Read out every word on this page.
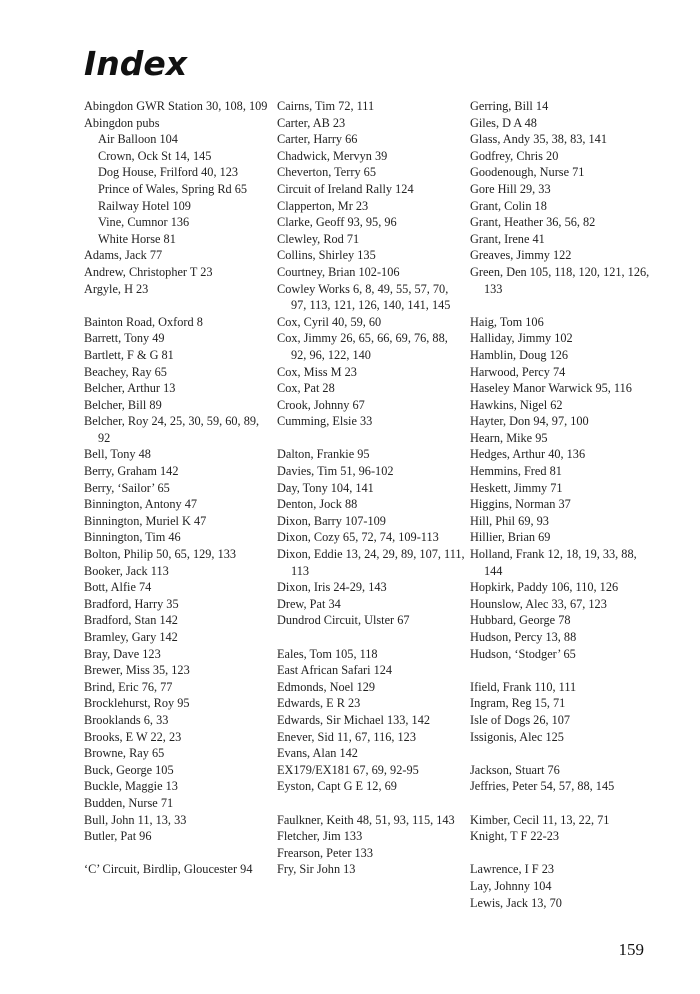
Index
Abingdon GWR Station 30, 108, 109
Abingdon pubs
Air Balloon 104
Crown, Ock St 14, 145
Dog House, Frilford 40, 123
Prince of Wales, Spring Rd 65
Railway Hotel 109
Vine, Cumnor 136
White Horse 81
Adams, Jack 77
Andrew, Christopher T 23
Argyle, H 23
Bainton Road, Oxford 8
Barrett, Tony 49
Bartlett, F & G 81
Beachey, Ray 65
Belcher, Arthur 13
Belcher, Bill 89
Belcher, Roy 24, 25, 30, 59, 60, 89, 92
Bell, Tony 48
Berry, Graham 142
Berry, ‘Sailor’ 65
Binnington, Antony 47
Binnington, Muriel K 47
Binnington, Tim 46
Bolton, Philip 50, 65, 129, 133
Booker, Jack 113
Bott, Alfie 74
Bradford, Harry 35
Bradford, Stan 142
Bramley, Gary 142
Bray, Dave 123
Brewer, Miss 35, 123
Brind, Eric 76, 77
Brocklehurst, Roy 95
Brooklands 6, 33
Brooks, E W 22, 23
Browne, Ray 65
Buck, George 105
Buckle, Maggie 13
Budden, Nurse 71
Bull, John 11, 13, 33
Butler, Pat 96
‘C’ Circuit, Birdlip, Gloucester 94
Cairns, Tim 72, 111
Carter, AB 23
Carter, Harry 66
Chadwick, Mervyn 39
Cheverton, Terry 65
Circuit of Ireland Rally 124
Clapperton, Mr 23
Clarke, Geoff 93, 95, 96
Clewley, Rod 71
Collins, Shirley 135
Courtney, Brian 102-106
Cowley Works 6, 8, 49, 55, 57, 70, 97, 113, 121, 126, 140, 141, 145
Cox, Cyril 40, 59, 60
Cox, Jimmy 26, 65, 66, 69, 76, 88, 92, 96, 122, 140
Cox, Miss M 23
Cox, Pat 28
Crook, Johnny 67
Cumming, Elsie 33
Dalton, Frankie 95
Davies, Tim 51, 96-102
Day, Tony 104, 141
Denton, Jock 88
Dixon, Barry 107-109
Dixon, Cozy 65, 72, 74, 109-113
Dixon, Eddie 13, 24, 29, 89, 107, 111, 113
Dixon, Iris 24-29, 143
Drew, Pat 34
Dundrod Circuit, Ulster 67
Eales, Tom 105, 118
East African Safari 124
Edmonds, Noel 129
Edwards, E R 23
Edwards, Sir Michael 133, 142
Enever, Sid 11, 67, 116, 123
Evans, Alan 142
EX179/EX181 67, 69, 92-95
Eyston, Capt G E 12, 69
Faulkner, Keith 48, 51, 93, 115, 143
Fletcher, Jim 133
Frearson, Peter 133
Fry, Sir John 13
Gerring, Bill 14
Giles, D A 48
Glass, Andy 35, 38, 83, 141
Godfrey, Chris 20
Goodenough, Nurse 71
Gore Hill 29, 33
Grant, Colin 18
Grant, Heather 36, 56, 82
Grant, Irene 41
Greaves, Jimmy 122
Green, Den 105, 118, 120, 121, 126, 133
Haig, Tom 106
Halliday, Jimmy 102
Hamblin, Doug 126
Harwood, Percy 74
Haseley Manor Warwick 95, 116
Hawkins, Nigel 62
Hayter, Don 94, 97, 100
Hearn, Mike 95
Hedges, Arthur 40, 136
Hemmins, Fred 81
Heskett, Jimmy 71
Higgins, Norman 37
Hill, Phil 69, 93
Hillier, Brian 69
Holland, Frank 12, 18, 19, 33, 88, 144
Hopkirk, Paddy 106, 110, 126
Hounslow, Alec 33, 67, 123
Hubbard, George 78
Hudson, Percy 13, 88
Hudson, ‘Stodger’ 65
Ifield, Frank 110, 111
Ingram, Reg 15, 71
Isle of Dogs 26, 107
Issigonis, Alec 125
Jackson, Stuart 76
Jeffries, Peter 54, 57, 88, 145
Kimber, Cecil 11, 13, 22, 71
Knight, T F 22-23
Lawrence, I F 23
Lay, Johnny 104
Lewis, Jack 13, 70
159
